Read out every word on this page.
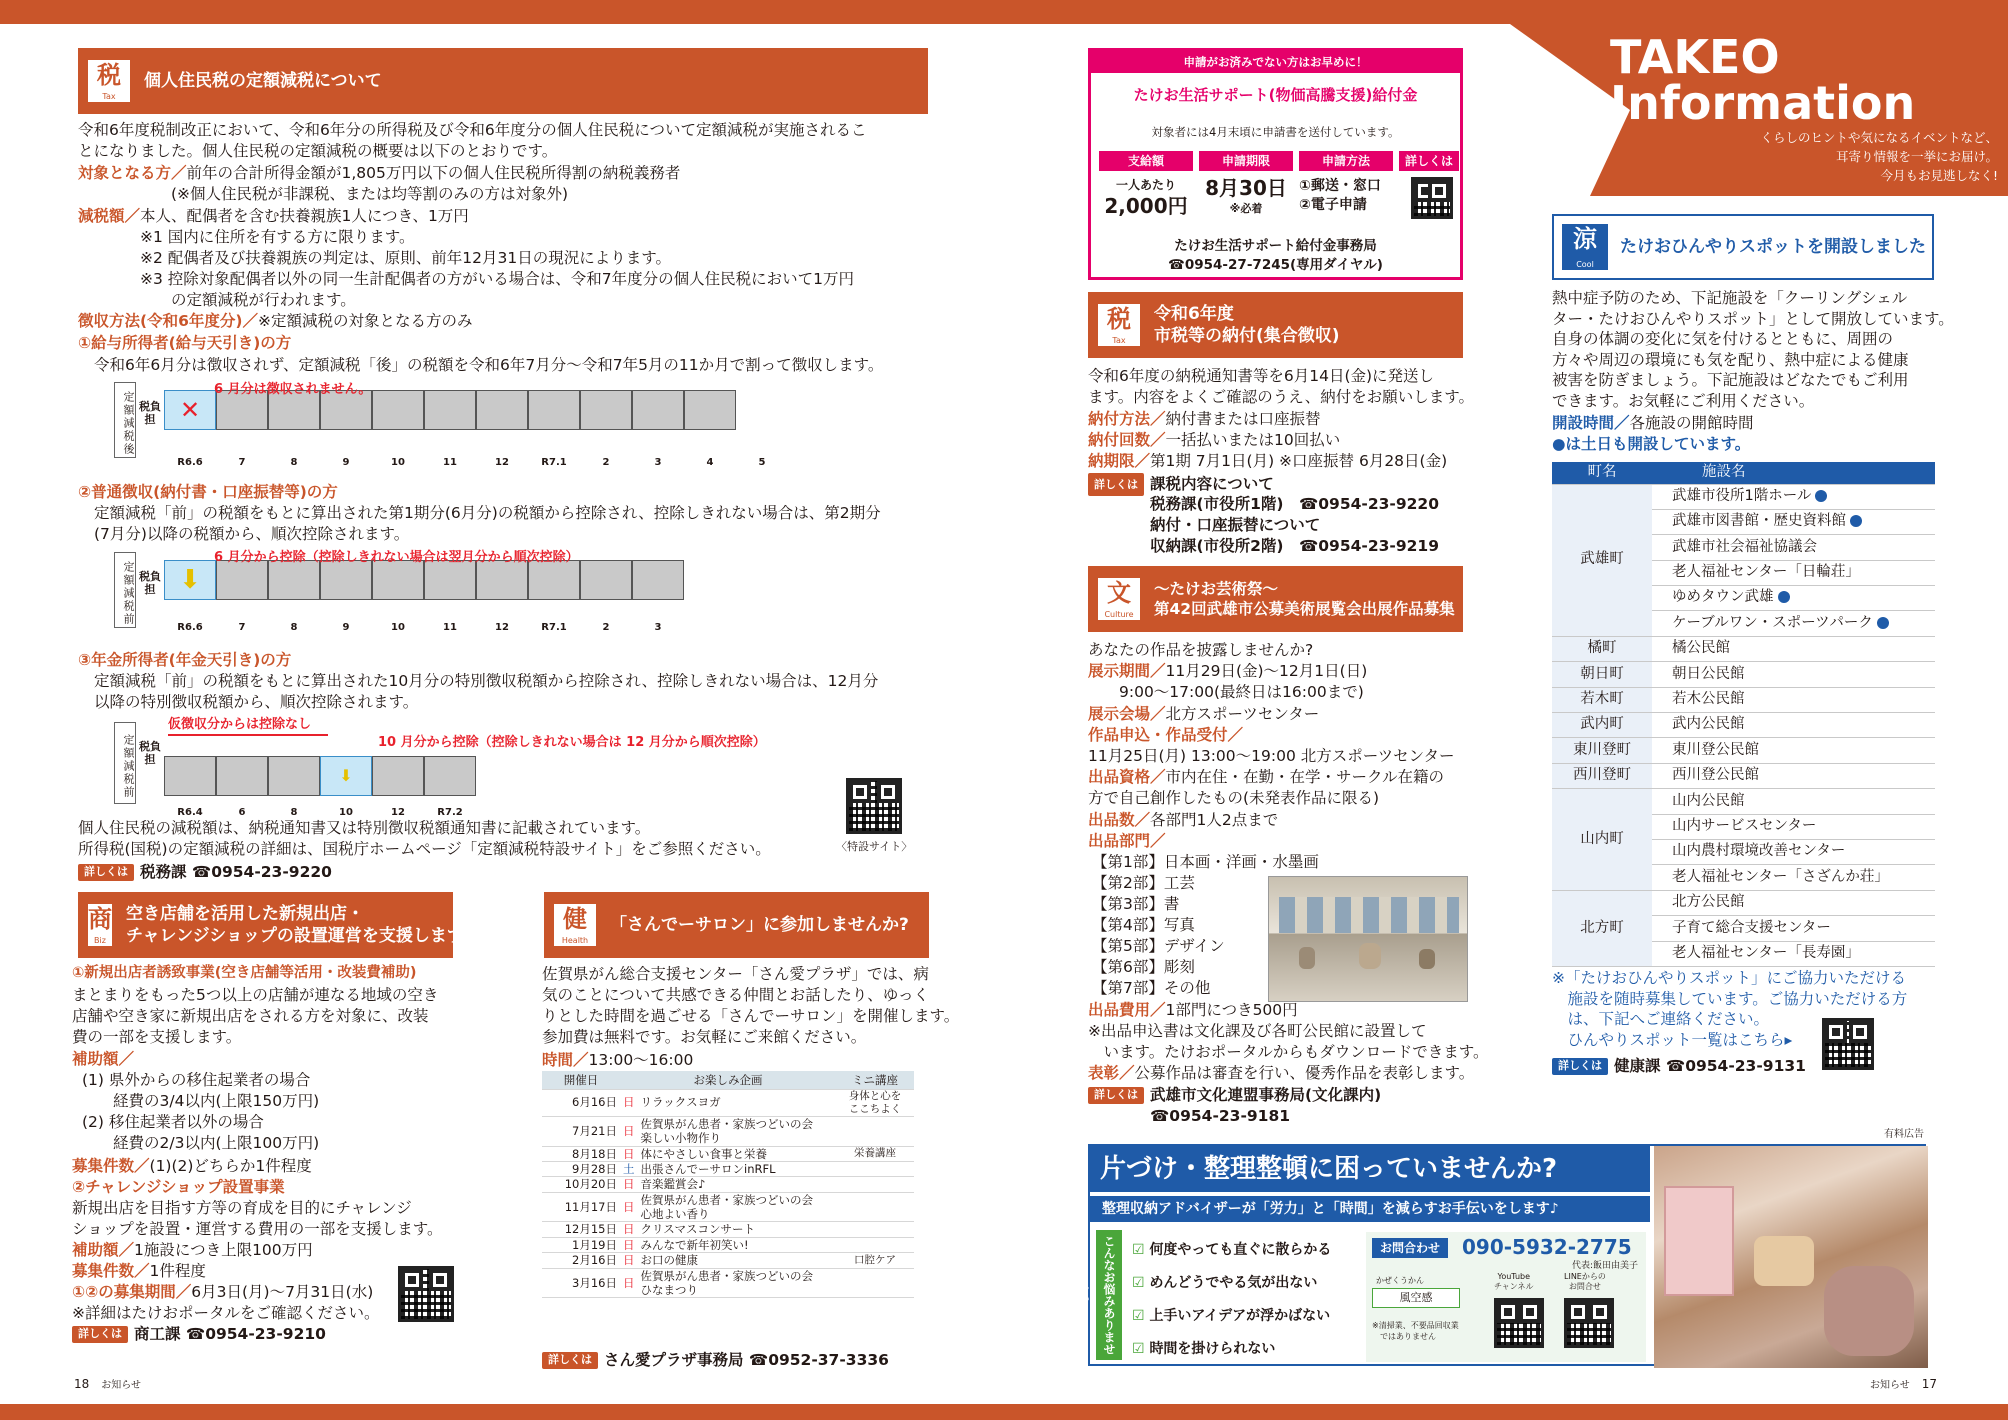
TAKEO
Information
くらしのヒントや気になるイベントなど、
耳寄り情報を一挙にお届け。
今月もお見逃しなく!
税
Tax
個人住民税の定額減税について
令和6年度税制改正において、令和6年分の所得税及び令和6年度分の個人住民税について定額減税が実施されるこ
とになりました。個人住民税の定額減税の概要は以下のとおりです。
対象となる方／前年の合計所得金額が1,805万円以下の個人住民税所得割の納税義務者
　　　　　　(※個人住民税が非課税、または均等割のみの方は対象外)
減税額／本人、配偶者を含む扶養親族1人につき、1万円
　　　　※1 国内に住所を有する方に限ります。
　　　　※2 配偶者及び扶養親族の判定は、原則、前年12月31日の現況によります。
　　　　※3 控除対象配偶者以外の同一生計配偶者の方がいる場合は、令和7年度分の個人住民税において1万円
　　　　　　の定額減税が行われます。
徴収方法(令和6年度分)／※定額減税の対象となる方のみ
①給与所得者(給与天引き)の方
令和6年6月分は徴収されず、定額減税「後」の税額を令和6年7月分～令和7年5月の11か月で割って徴収します。
定額減税後 税負担	✕
6 月分は徴収されません。
R6.6	7	8	9	10	11	12	R7.1	2	3	4	5
②普通徴収(納付書・口座振替等)の方
定額減税「前」の税額をもとに算出された第1期分(6月分)の税額から控除され、控除しきれない場合は、第2期分
(7月分)以降の税額から、順次控除されます。
定額減税前 税負担 ⬇
6 月分から控除（控除しきれない場合は翌月分から順次控除）
R6.6	7	8	9	10	11	12	R7.1	2	3
③年金所得者(年金天引き)の方
定額減税「前」の税額をもとに算出された10月分の特別徴収税額から控除され、控除しきれない場合は、12月分
以降の特別徴収税額から、順次控除されます。
定額減税前 税負担
⬇
仮徴収分からは控除なし
10 月分から控除（控除しきれない場合は 12 月分から順次控除）
R6.4	6	8	10	12	R7.2
〈特設サイト〉
個人住民税の減税額は、納税通知書又は特別徴収税額通知書に記載されています。
所得税(国税)の定額減税の詳細は、国税庁ホームページ「定額減税特設サイト」をご参照ください。
詳しくは 税務課 ☎0954-23-9220
商
Biz
空き店舗を活用した新規出店・
チャレンジショップの設置運営を支援します
①新規出店者誘致事業(空き店舗等活用・改装費補助)
まとまりをもった5つ以上の店舗が連なる地域の空き
店舗や空き家に新規出店をされる方を対象に、改装
費の一部を支援します。
補助額／
(1) 県外からの移住起業者の場合
　　経費の3/4以内(上限150万円)
(2) 移住起業者以外の場合
　　経費の2/3以内(上限100万円)
募集件数／(1)(2)どちらか1件程度
②チャレンジショップ設置事業
新規出店を目指す方等の育成を目的にチャレンジ
ショップを設置・運営する費用の一部を支援します。
補助額／1施設につき上限100万円
募集件数／1件程度
①②の募集期間／6月3日(月)～7月31日(水)
※詳細はたけおポータルをご確認ください。
詳しくは 商工課 ☎0954-23-9210
健
Health
「さんでーサロン」に参加しませんか?
佐賀県がん総合支援センター「さん愛プラザ」では、病
気のことについて共感できる仲間とお話したり、ゆっく
りとした時間を過ごせる「さんでーサロン」を開催します。
参加費は無料です。お気軽にご来館ください。
時間／13:00～16:00
開催日	お楽しみ企画		ミニ講座
6月16日	日	リラックスヨガ	身体と心を
ここちよく
7月21日	日	佐賀県がん患者・家族つどいの会
楽しい小物作り	
8月18日	日	体にやさしい食事と栄養	栄養講座
9月28日	土	出張さんでーサロンinRFL	
10月20日	日	音楽鑑賞会♪	
11月17日	日	佐賀県がん患者・家族つどいの会
心地よい香り	
12月15日	日	クリスマスコンサート	
1月19日	日	みんなで新年初笑い!	
2月16日	日	お口の健康	口腔ケア
3月16日	日	佐賀県がん患者・家族つどいの会
ひなまつり	
詳しくは さん愛プラザ事務局 ☎0952-37-3336
申請がお済みでない方はお早めに！
たけお生活サポート(物価高騰支援)給付金
対象者には4月末頃に申請書を送付しています。
支給額	申請期限	申請方法	詳しくは
一人あたり
2,000円
8月30日
※必着
①郵送・窓口
②電子申請
たけお生活サポート給付金事務局
☎0954-27-7245(専用ダイヤル)
税
Tax
令和6年度
市税等の納付(集合徴収)
令和6年度の納税通知書等を6月14日(金)に発送し
ます。内容をよくご確認のうえ、納付をお願いします。
納付方法／納付書または口座振替
納付回数／一括払いまたは10回払い
納期限／第1期 7月1日(月) ※口座振替 6月28日(金)
詳しくは 課税内容について
税務課(市役所1階)　☎0954-23-9220
納付・口座振替について
収納課(市役所2階)　☎0954-23-9219
文
Culture
～たけお芸術祭～
第42回武雄市公募美術展覧会出展作品募集
あなたの作品を披露しませんか?
展示期間／11月29日(金)～12月1日(日)
　　9:00～17:00(最終日は16:00まで)
展示会場／北方スポーツセンター
作品申込・作品受付／
11月25日(月) 13:00～19:00 北方スポーツセンター
出品資格／市内在住・在勤・在学・サークル在籍の
方で自己創作したもの(未発表作品に限る)
出品数／各部門1人2点まで
出品部門／
【第1部】日本画・洋画・水墨画
【第2部】工芸
【第3部】書
【第4部】写真
【第5部】デザイン
【第6部】彫刻
【第7部】その他
出品費用／1部門につき500円
※出品申込書は文化課及び各町公民館に設置して
　います。たけおポータルからもダウンロードできます。
表彰／公募作品は審査を行い、優秀作品を表彰します。
詳しくは 武雄市文化連盟事務局(文化課内)
☎0954-23-9181
涼
Cool
たけおひんやりスポットを開設しました
熱中症予防のため、下記施設を「クーリングシェル
ター・たけおひんやりスポット」として開放しています。
自身の体調の変化に気を付けるとともに、周囲の
方々や周辺の環境にも気を配り、熱中症による健康
被害を防ぎましょう。下記施設はどなたでもご利用
できます。お気軽にご利用ください。
開設時間／各施設の開館時間
●は土日も開設しています。
町名	施設名
武雄町	武雄市役所1階ホール
	武雄市図書館・歴史資料館
	武雄市社会福祉協議会
	老人福祉センター「日輪荘」
	ゆめタウン武雄
	ケーブルワン・スポーツパーク
橘町	橘公民館
朝日町	朝日公民館
若木町	若木公民館
武内町	武内公民館
東川登町	東川登公民館
西川登町	西川登公民館
山内町	山内公民館
	山内サービスセンター
	山内農村環境改善センター
	老人福祉センター「さざんか荘」
北方町	北方公民館
	子育て総合支援センター
	老人福祉センター「長寿園」
※「たけおひんやりスポット」にご協力いただける
　施設を随時募集しています。ご協力いただける方
　は、下記へご連絡ください。
　ひんやりスポット一覧はこちら▸
詳しくは 健康課 ☎0954-23-9131
有料広告
片づけ・整理整頓に困っていませんか?
整理収納アドバイザーが「労力」と「時間」を減らすお手伝いをします♪
こんなお悩みありませんか?
☑ 何度やっても直ぐに散らかる
☑ めんどうでやる気が出ない
☑ 上手いアイデアが浮かばない
☑ 時間を掛けられない
お問合わせ	090-5932-2775
代表:飯田由美子
かぜくうかん
風空感
※清掃業、不要品回収業
　ではありません
YouTube
チャンネル
LINEからの
お問合せ
18　 お知らせ	お知らせ　 17
